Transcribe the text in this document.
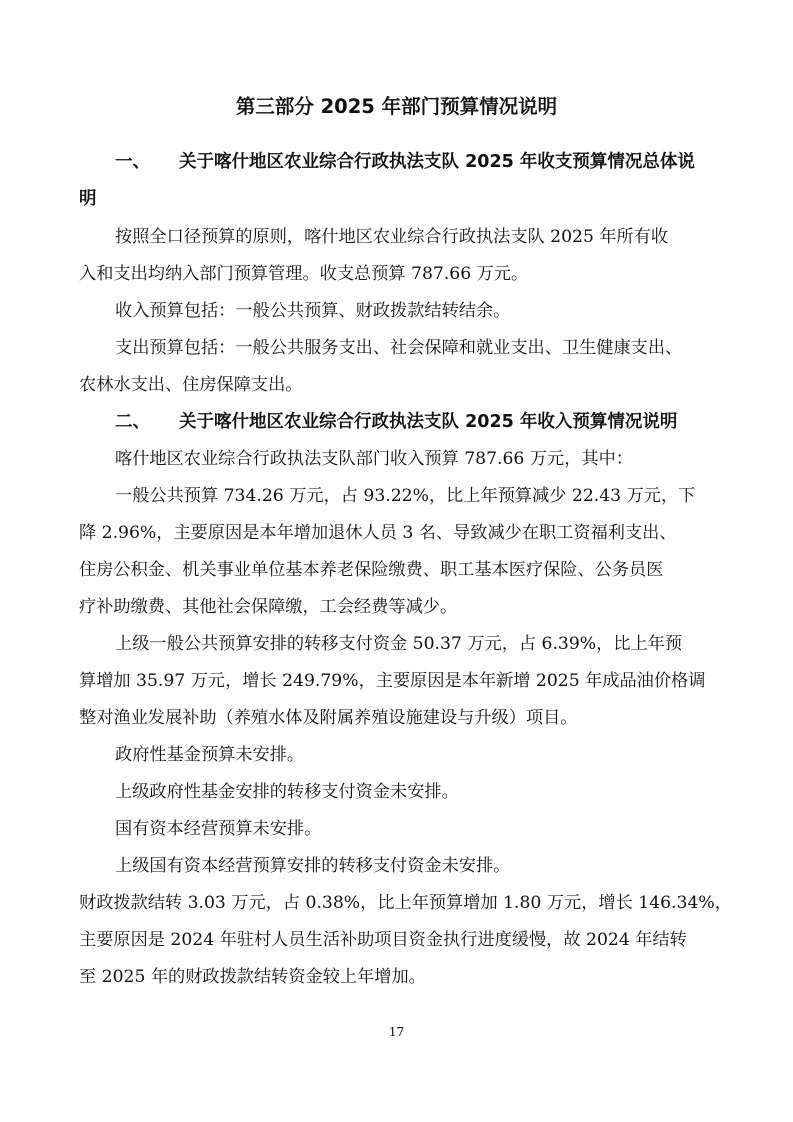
第三部分 2025 年部门预算情况说明
一、 关于喀什地区农业综合行政执法支队 2025 年收支预算情况总体说
明
按照全口径预算的原则，喀什地区农业综合行政执法支队 2025 年所有收
入和支出均纳入部门预算管理。收支总预算 787.66 万元。
收入预算包括：一般公共预算、财政拨款结转结余。
支出预算包括：一般公共服务支出、社会保障和就业支出、卫生健康支出、
农林水支出、住房保障支出。
二、 关于喀什地区农业综合行政执法支队 2025 年收入预算情况说明
喀什地区农业综合行政执法支队部门收入预算 787.66 万元，其中：
一般公共预算 734.26 万元，占 93.22%，比上年预算减少 22.43 万元，下
降 2.96%，主要原因是本年增加退休人员 3 名、导致减少在职工资福利支出、
住房公积金、机关事业单位基本养老保险缴费、职工基本医疗保险、公务员医
疗补助缴费、其他社会保障缴，工会经费等减少。
上级一般公共预算安排的转移支付资金 50.37 万元，占 6.39%，比上年预
算增加 35.97 万元，增长 249.79%，主要原因是本年新增 2025 年成品油价格调
整对渔业发展补助（养殖水体及附属养殖设施建设与升级）项目。
政府性基金预算未安排。
上级政府性基金安排的转移支付资金未安排。
国有资本经营预算未安排。
上级国有资本经营预算安排的转移支付资金未安排。
财政拨款结转 3.03 万元，占 0.38%，比上年预算增加 1.80 万元，增长 146.34%，
主要原因是 2024 年驻村人员生活补助项目资金执行进度缓慢，故 2024 年结转
至 2025 年的财政拨款结转资金较上年增加。
17
